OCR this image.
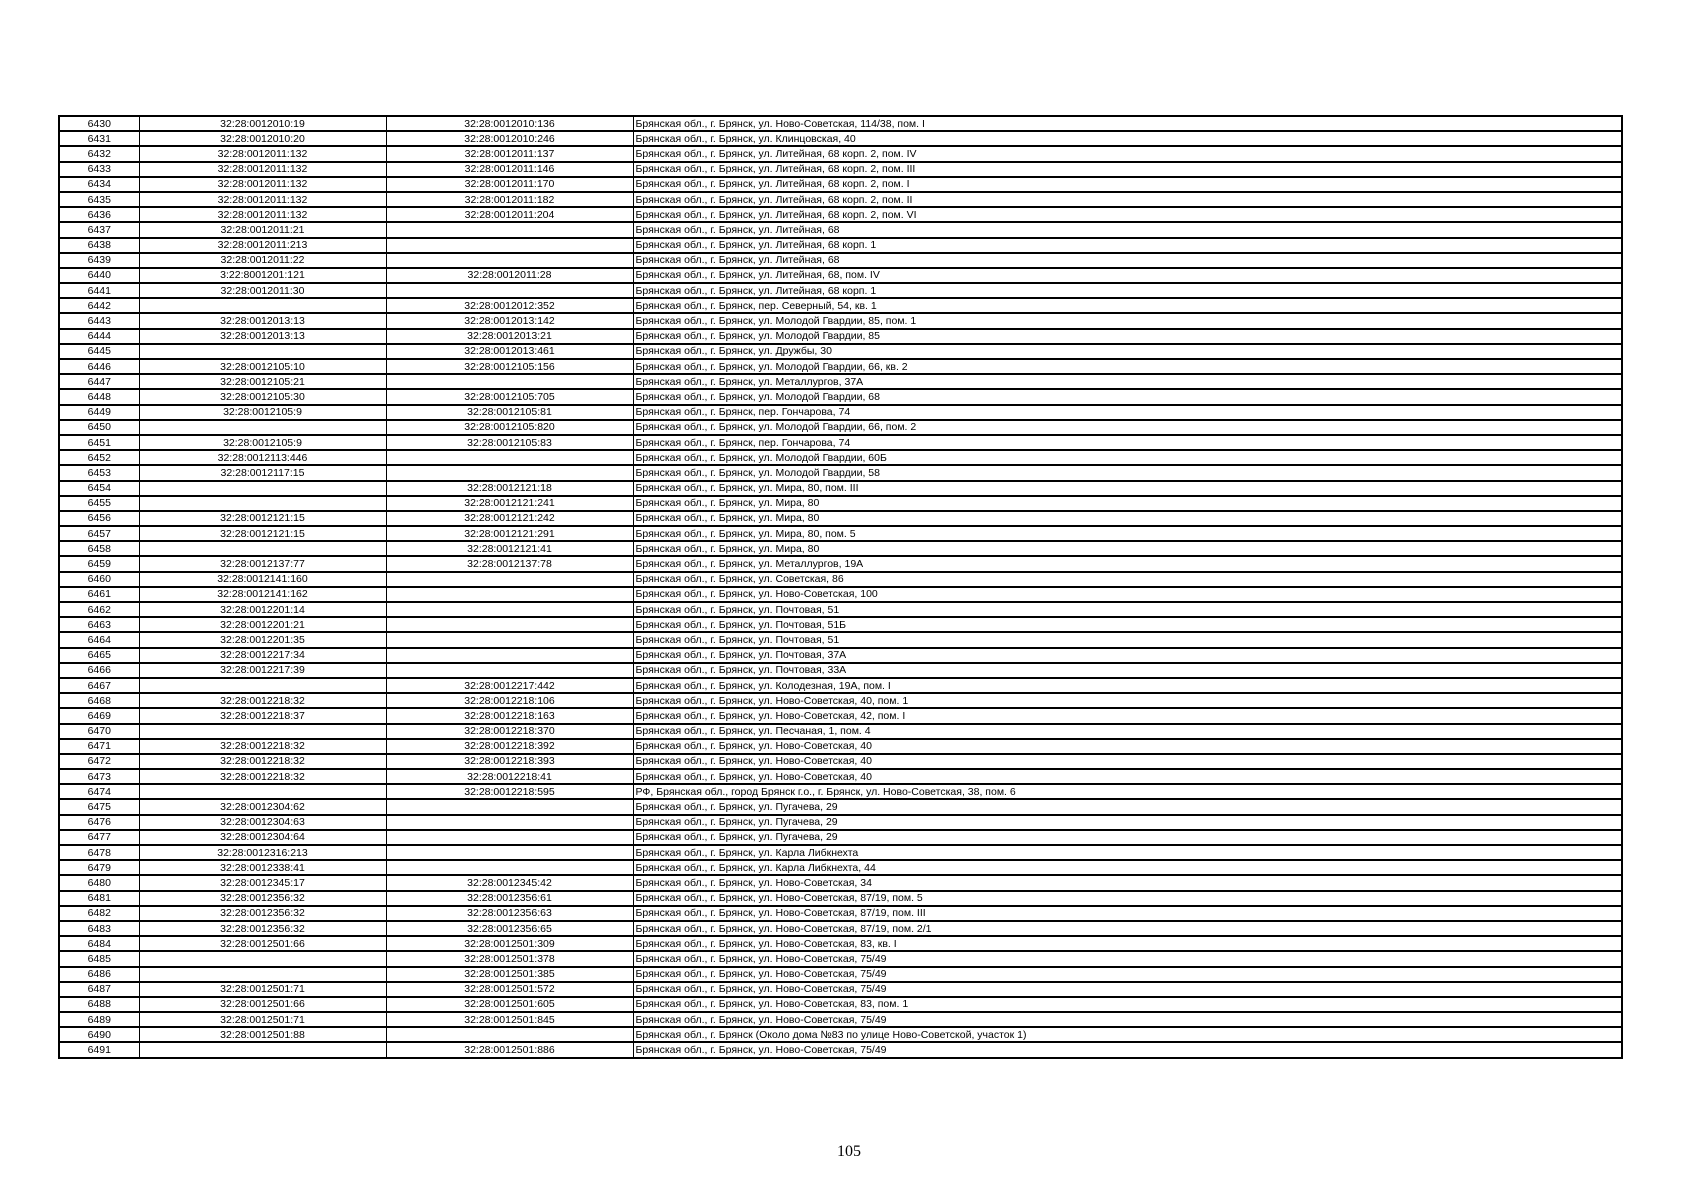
6430	32:28:0012010:19	32:28:0012010:136	Брянская обл., г. Брянск, ул. Ново-Советская, 114/38, пом. I
6431	32:28:0012010:20	32:28:0012010:246	Брянская обл., г. Брянск, ул. Клинцовская, 40
6432	32:28:0012011:132	32:28:0012011:137	Брянская обл., г. Брянск, ул. Литейная, 68 корп. 2, пом. IV
6433	32:28:0012011:132	32:28:0012011:146	Брянская обл., г. Брянск, ул. Литейная, 68 корп. 2, пом. III
6434	32:28:0012011:132	32:28:0012011:170	Брянская обл., г. Брянск, ул. Литейная, 68 корп. 2, пом. I
6435	32:28:0012011:132	32:28:0012011:182	Брянская обл., г. Брянск, ул. Литейная, 68 корп. 2, пом. II
6436	32:28:0012011:132	32:28:0012011:204	Брянская обл., г. Брянск, ул. Литейная, 68 корп. 2, пом. VI
6437	32:28:0012011:21		Брянская обл., г. Брянск, ул. Литейная, 68
6438	32:28:0012011:213		Брянская обл., г. Брянск, ул. Литейная, 68 корп. 1
6439	32:28:0012011:22		Брянская обл., г. Брянск, ул. Литейная, 68
6440	3:22:8001201:121	32:28:0012011:28	Брянская обл., г. Брянск, ул. Литейная, 68, пом. IV
6441	32:28:0012011:30		Брянская обл., г. Брянск, ул. Литейная, 68 корп. 1
6442		32:28:0012012:352	Брянская обл., г. Брянск, пер. Северный, 54, кв. 1
6443	32:28:0012013:13	32:28:0012013:142	Брянская обл., г. Брянск, ул. Молодой Гвардии, 85, пом. 1
6444	32:28:0012013:13	32:28:0012013:21	Брянская обл., г. Брянск, ул. Молодой Гвардии, 85
6445		32:28:0012013:461	Брянская обл., г. Брянск, ул. Дружбы, 30
6446	32:28:0012105:10	32:28:0012105:156	Брянская обл., г. Брянск, ул. Молодой Гвардии, 66, кв. 2
6447	32:28:0012105:21		Брянская обл., г. Брянск, ул. Металлургов, 37А
6448	32:28:0012105:30	32:28:0012105:705	Брянская обл., г. Брянск, ул. Молодой Гвардии, 68
6449	32:28:0012105:9	32:28:0012105:81	Брянская обл., г. Брянск, пер. Гончарова, 74
6450		32:28:0012105:820	Брянская обл., г. Брянск, ул. Молодой Гвардии, 66, пом. 2
6451	32:28:0012105:9	32:28:0012105:83	Брянская обл., г. Брянск, пер. Гончарова, 74
6452	32:28:0012113:446		Брянская обл., г. Брянск, ул. Молодой Гвардии, 60Б
6453	32:28:0012117:15		Брянская обл., г. Брянск, ул. Молодой Гвардии, 58
6454		32:28:0012121:18	Брянская обл., г. Брянск, ул. Мира, 80, пом. III
6455		32:28:0012121:241	Брянская обл., г. Брянск, ул. Мира, 80
6456	32:28:0012121:15	32:28:0012121:242	Брянская обл., г. Брянск, ул. Мира, 80
6457	32:28:0012121:15	32:28:0012121:291	Брянская обл., г. Брянск, ул. Мира, 80, пом. 5
6458		32:28:0012121:41	Брянская обл., г. Брянск, ул. Мира, 80
6459	32:28:0012137:77	32:28:0012137:78	Брянская обл., г. Брянск, ул. Металлургов, 19А
6460	32:28:0012141:160		Брянская обл., г. Брянск, ул. Советская, 86
6461	32:28:0012141:162		Брянская обл., г. Брянск, ул. Ново-Советская, 100
6462	32:28:0012201:14		Брянская обл., г. Брянск, ул. Почтовая, 51
6463	32:28:0012201:21		Брянская обл., г. Брянск, ул. Почтовая, 51Б
6464	32:28:0012201:35		Брянская обл., г. Брянск, ул. Почтовая, 51
6465	32:28:0012217:34		Брянская обл., г. Брянск, ул. Почтовая, 37А
6466	32:28:0012217:39		Брянская обл., г. Брянск, ул. Почтовая, 33А
6467		32:28:0012217:442	Брянская обл., г. Брянск, ул. Колодезная, 19А, пом. I
6468	32:28:0012218:32	32:28:0012218:106	Брянская обл., г. Брянск, ул. Ново-Советская, 40, пом. 1
6469	32:28:0012218:37	32:28:0012218:163	Брянская обл., г. Брянск, ул. Ново-Советская, 42, пом. I
6470		32:28:0012218:370	Брянская обл., г. Брянск, ул. Песчаная, 1, пом. 4
6471	32:28:0012218:32	32:28:0012218:392	Брянская обл., г. Брянск, ул. Ново-Советская, 40
6472	32:28:0012218:32	32:28:0012218:393	Брянская обл., г. Брянск, ул. Ново-Советская, 40
6473	32:28:0012218:32	32:28:0012218:41	Брянская обл., г. Брянск, ул. Ново-Советская, 40
6474		32:28:0012218:595	РФ, Брянская обл., город Брянск г.о., г. Брянск, ул. Ново-Советская, 38, пом. 6
6475	32:28:0012304:62		Брянская обл., г. Брянск, ул. Пугачева, 29
6476	32:28:0012304:63		Брянская обл., г. Брянск, ул. Пугачева, 29
6477	32:28:0012304:64		Брянская обл., г. Брянск, ул. Пугачева, 29
6478	32:28:0012316:213		Брянская обл., г. Брянск, ул. Карла Либкнехта
6479	32:28:0012338:41		Брянская обл., г. Брянск, ул. Карла Либкнехта, 44
6480	32:28:0012345:17	32:28:0012345:42	Брянская обл., г. Брянск, ул. Ново-Советская, 34
6481	32:28:0012356:32	32:28:0012356:61	Брянская обл., г. Брянск, ул. Ново-Советская, 87/19, пом. 5
6482	32:28:0012356:32	32:28:0012356:63	Брянская обл., г. Брянск, ул. Ново-Советская, 87/19, пом. III
6483	32:28:0012356:32	32:28:0012356:65	Брянская обл., г. Брянск, ул. Ново-Советская, 87/19, пом. 2/1
6484	32:28:0012501:66	32:28:0012501:309	Брянская обл., г. Брянск, ул. Ново-Советская, 83, кв. I
6485		32:28:0012501:378	Брянская обл., г. Брянск, ул. Ново-Советская, 75/49
6486		32:28:0012501:385	Брянская обл., г. Брянск, ул. Ново-Советская, 75/49
6487	32:28:0012501:71	32:28:0012501:572	Брянская обл., г. Брянск, ул. Ново-Советская, 75/49
6488	32:28:0012501:66	32:28:0012501:605	Брянская обл., г. Брянск, ул. Ново-Советская, 83, пом. 1
6489	32:28:0012501:71	32:28:0012501:845	Брянская обл., г. Брянск, ул. Ново-Советская, 75/49
6490	32:28:0012501:88		Брянская обл., г. Брянск (Около дома №83 по улице Ново-Советской, участок 1)
6491		32:28:0012501:886	Брянская обл., г. Брянск, ул. Ново-Советская, 75/49
105
